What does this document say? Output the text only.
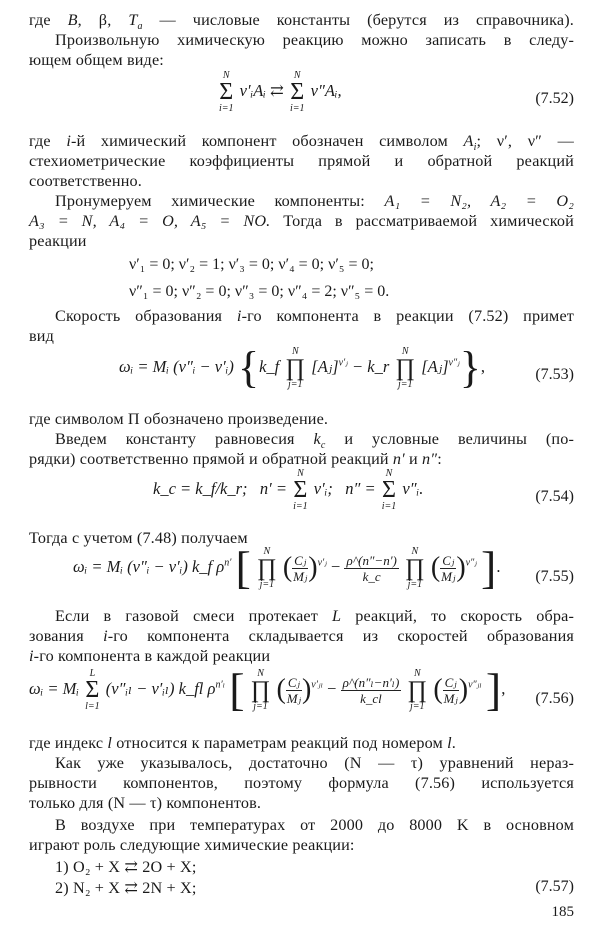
где B, β, $T_a$ — числовые константы (берутся из справочника).
Произвольную химическую реакцию можно записать в следу-
ющем общем виде:
N
Σ
i=1
ν′ᵢAᵢ ⇄
N
Σ
i=1
ν″Aᵢ,	(7.52)
где i-й химический компонент обозначен символом $A_i$; ν′, ν″ —
стехиометрические коэффициенты прямой и обратной реакций
соответственно.
Пронумеруем химические компоненты: A₁ = N₂, A₂ = O₂
A₃ = N, A₄ = O, A₅ = NO. Тогда в рассматриваемой химической
реакции
ν′₁ = 0; ν′₂ = 1; ν′₃ = 0; ν′₄ = 0; ν′₅ = 0;
ν″₁ = 0; ν″₂ = 0; ν″₃ = 0; ν″₄ = 2; ν″₅ = 0.
Скорость образования i-го компонента в реакции (7.52) примет
вид
ωᵢ = Mᵢ (ν″ᵢ − ν′ᵢ) {k_f
N
∏
j=1
[Aⱼ]$^{\nu'ⱼ}$ − k_r
N
∏
j=1
[Aⱼ]$^{\nu''ⱼ}$},	(7.53)
где символом Π обозначено произведение.
Введем константу равновесия $k_c$ и условные величины (по-
рядки) соответственно прямой и обратной реакций n′ и n″:
k_c = k_f/k_r; n′ =
N
Σ
i=1
ν′ᵢ; n″ =
N
Σ
i=1
ν″ᵢ.	(7.54)
Тогда с учетом (7.48) получаем
ωᵢ = Mᵢ (ν″ᵢ − ν′ᵢ) k_f $\rho^{n'}$ [	N
∏
j=1
( $\frac{\text{Cⱼ}}{\text{Mⱼ}} )^{\nu'ⱼ} - \frac{\rho\^{}(n''-n')}{k\_c}$

N
∏
j=1
( $\frac{\text{Cⱼ}}{\text{Mⱼ}} )^{\nu''ⱼ}$ ].
(7.55)
Если в газовой смеси протекает L реакций, то скорость обра-
зования i-го компонента складывается из скоростей образования
i-го компонента в каждой реакции
ωᵢ = Mᵢ
L
Σ
l=1
(ν″ᵢₗ − ν′ᵢₗ) k_fl $\rho^{n'_l}$ [	N
∏
j=1
( $\frac{\text{Cⱼ}}{\text{Mⱼ}} )^{\nu'ⱼ_l} - \frac{\text{ρ\textasciicircum{}(n″ₗ−n′ₗ)}}{k\_cl}$

N
∏
j=1
( $\frac{\text{Cⱼ}}{\text{Mⱼ}} )^{\nu''ⱼ_l}$ ],
(7.56)
где индекс l относится к параметрам реакций под номером l.
Как уже указывалось, достаточно (N — τ) уравнений нераз-
рывности компонентов, поэтому формула (7.56) используется
только для (N — τ) компонентов.
В воздухе при температурах от 2000 до 8000 K в основном
играют роль следующие химические реакции:
1) O₂ + X ⇄ 2O + X;
2) N₂ + X ⇄ 2N + X;	(7.57)
185
